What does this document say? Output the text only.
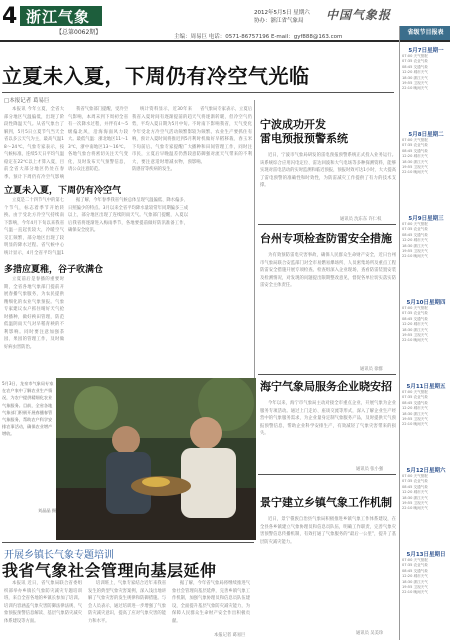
4 浙江气象
【总第0062期】
2012年5月5日 星期六
协办：浙江省气象局 中国气象报
主编：周易巨 电话：0571-86757196 E-mail：gyf888@163.com
立夏未入夏，下周仍有冷空气光临
□本报记者 葛易巨

本报讯 今年立夏，全省大部分地区气温偏低，出现了阶段性降温天气。从省气象台了解到，5月5日立夏节气当天全省以多云天气为主，最高气温18～24℃。气象专家表示，按气候标准，连续5天日平均气温稳定在22℃以上才算入夏，目前全省大部分地区仍处在春季。预计下周仍有冷空气影响

立夏未入夏，下周仍有冷空气

立夏是二十四节气中的第七个节气，标志着季节开始转换。由于受北方冷空气持续南下影响，今年4月下旬以来我省气温一直起伏较大，冷暖空气交汇频繁，部分地区出现了较明显的降水过程。省气候中心统计显示，4月全省平均气温1

多措应夏稚，谷子收满仓

立夏前后是春播的重要时期，全省各地气象部门提前开展春播气象服务，为农民提供精细化的农业气象预报。气象专家建议农户抓住晴好天气抢时播种，做好秧田管理，防范低温阴雨天气对早稻育秧的不利影响。同时要注意加强茶园、果园的管理工作，及时做好病虫害防治。

我省气象部门提醒，受冷空气影响，本周末到下周初全省有一次降水过程，并伴有4～5级偏北风，沿海海面风力较大。最低气温：浙北地区11～13℃，浙中南地区13～16℃。各地气象台将密切关注天气变化，及时发布天气预警信息，请公众注意防范。

据了解，今年春季我省气候总体呈现气温偏低、降水偏多、日照偏少的特点。3月以来全省平均降水量较常年同期偏多三成以上，部分地区出现了连续阴雨天气。气象部门提醒，入夏以后我省将逐渐进入梅雨季节，各地要提前做好防汛准备工作，确保安全度汛。

统计资料显示，近30年来我省入夏时间有逐渐提前的趋势，平均入夏日期为5月中旬。今年受北方冷空气活动频繁影响，预计入夏时间将推迟到5月下旬前后。气象专家提醒广大市民，立夏后早晚温差仍然较大，要注意适时增减衣物，预防感冒等疾病的发生。

省气象局专家表示，立夏后天气将逐渐转暖，但冷空气仍不时南下影响我省，天气变化较为频繁。农业生产要抓住有利时机做好早稻移栽、春玉米播种和田间管理工作，同时注意防御强对流天气带来的不利影响。

5月3日，龙泉市气象局专家在农户家中了解农业生产情况，为农户提供精细化农业气象服务。目前，全省各地气象部门积极开展春播春管气象服务，帮助农户科学安排农事活动，确保农业增产增收。
刘晶晶 摄
宁波成功开发
雷电预报预警系统

近日，宁波市气象局研发的雷电预报预警系统正式投入业务运行。该系统综合应用闪电定位、雷达回波和大气电场等多种探测资料，能够实现对雷电活动的实时监测和临近预报，预报时效可达1小时，大大提高了雷电预警的准确性和时效性，为防雷减灾工作提供了有力的技术支撑。

通讯员 沈东东 许仁权
台州专项检查防雷安全措施

为有效预防雷电灾害事故，确保人民群众生命财产安全，近日台州市气象局联合安监部门对全市易燃易爆场所、人员密集场所及重点工程防雷安全措施开展专项检查。检查组深入企业现场，查看防雷装置安装及检测情况，对发现的问题提出限期整改意见，督促各单位切实落实防雷安全主体责任。

通讯员 徐群
海宁气象局服务企业晓安招

今年以来，海宁市气象局主动对接全市重点企业，开展气象为企业服务专项活动。通过上门走访、座谈交流等形式，深入了解企业生产经营中的气象服务需求，为企业量身定制气象服务产品，及时提供天气预报预警信息，帮助企业科学安排生产，有效减轻了气象灾害带来的损失。

通讯员 张小强
景宁建立乡镇气象工作机制

近日，景宁畲族自治县气象局积极推进乡镇气象工作体系建设，在全县各乡镇建立气象协理员和信息员队伍，明确工作职责，完善气象灾害预警信息传播机制，有效打通了气象服务的“最后一公里”，提升了基层防灾减灾能力。

通讯员 吴美珍
开展乡镇长气象专题培训
我省气象社会管理向基层延伸

本报讯 近日，省气象局联合省委组织部举办乡镇长气象防灾减灾专题培训班，来自全省各地的乡镇长参加了培训。培训内容涵盖气象灾害防御法律法规、气象预报预警信息解读、基层气象防灾减灾体系建设等方面。

培训班上，气象专家结合近年来我省发生的典型气象灾害案例，深入浅出地讲解了气象灾害的发生规律和防御措施。与会人员表示，通过培训进一步增强了气象防灾减灾意识，提高了应对气象灾害的能力和水平。

据了解，今年省气象局将继续推进气象社会管理向基层延伸，完善乡镇气象工作机制，加强气象协理员和信息员队伍建设，全面提升基层气象防灾减灾能力，为保障人民群众生命财产安全作出积极贡献。

本报记者 葛易巨
省级节目报表
5月7日星期一
07:00 天气预报
07:35 农业气象
08:45 交通气象
12:20 城市天气
18:30 浙江天气
19:55 卫视天气
22:10 晚间天气
5月8日星期二
07:00 天气预报
07:35 农业气象
08:45 交通气象
12:20 城市天气
18:30 浙江天气
19:55 卫视天气
22:10 晚间天气
5月9日星期三
07:00 天气预报
07:35 农业气象
08:45 交通气象
12:20 城市天气
18:30 浙江天气
19:55 卫视天气
22:10 晚间天气
5月10日星期四
07:00 天气预报
07:35 农业气象
08:45 交通气象
12:20 城市天气
18:30 浙江天气
19:55 卫视天气
22:10 晚间天气
5月11日星期五
07:00 天气预报
07:35 农业气象
08:45 交通气象
12:20 城市天气
18:30 浙江天气
19:55 卫视天气
22:10 晚间天气
5月12日星期六
07:00 天气预报
07:35 农业气象
08:45 交通气象
12:20 城市天气
18:30 浙江天气
19:55 卫视天气
22:10 晚间天气
5月13日星期日
07:00 天气预报
07:35 农业气象
08:45 交通气象
12:20 城市天气
18:30 浙江天气
19:55 卫视天气
22:10 晚间天气
